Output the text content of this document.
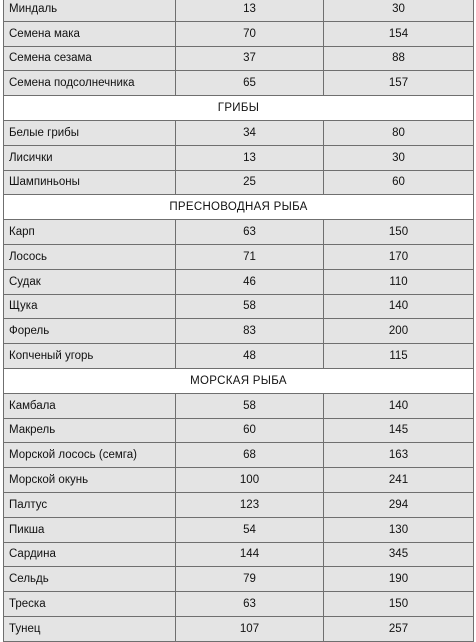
Миндаль	13	30
Семена мака	70	154
Семена сезама	37	88
Семена подсолнечника	65	157
ГРИБЫ		
Белые грибы	34	80
Лисички	13	30
Шампиньоны	25	60
ПРЕСНОВОДНАЯ РЫБА		
Карп	63	150
Лосось	71	170
Судак	46	110
Щука	58	140
Форель	83	200
Копченый угорь	48	115
МОРСКАЯ РЫБА		
Камбала	58	140
Макрель	60	145
Морской лосось (семга)	68	163
Морской окунь	100	241
Палтус	123	294
Пикша	54	130
Сардина	144	345
Сельдь	79	190
Треска	63	150
Тунец	107	257
